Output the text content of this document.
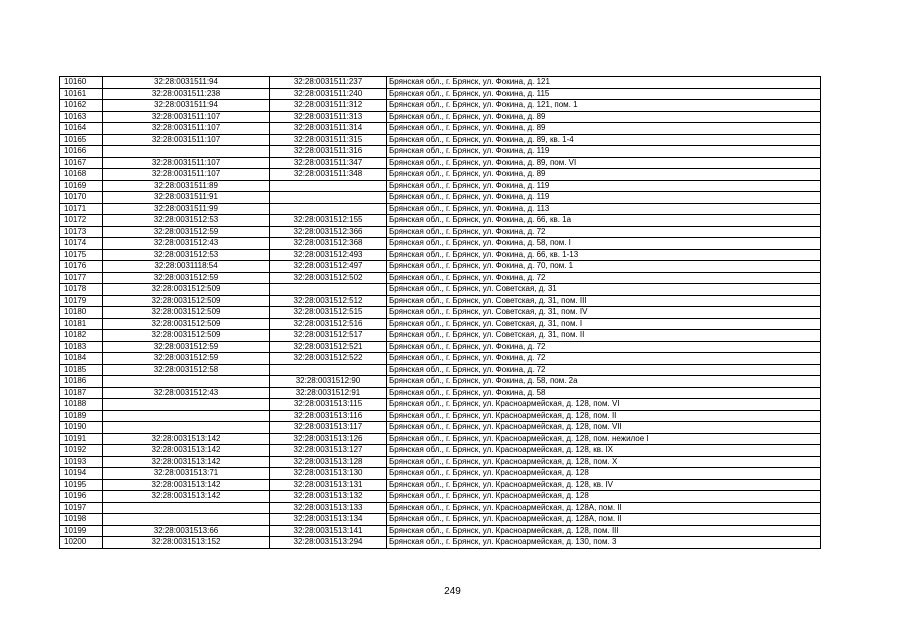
10160	32:28:0031511:94	32:28:0031511:237	Брянская обл., г. Брянск, ул. Фокина, д. 121
10161	32:28:0031511:238	32:28:0031511:240	Брянская обл., г. Брянск, ул. Фокина, д. 115
10162	32:28:0031511:94	32:28:0031511:312	Брянская обл., г. Брянск, ул. Фокина, д. 121, пом. 1
10163	32:28:0031511:107	32:28:0031511:313	Брянская обл., г. Брянск, ул. Фокина, д. 89
10164	32:28:0031511:107	32:28:0031511:314	Брянская обл., г. Брянск, ул. Фокина, д. 89
10165	32:28:0031511:107	32:28:0031511:315	Брянская обл., г. Брянск, ул. Фокина, д. 89, кв. 1-4
10166		32:28:0031511:316	Брянская обл., г. Брянск, ул. Фокина, д. 119
10167	32:28:0031511:107	32:28:0031511:347	Брянская обл., г. Брянск, ул. Фокина, д. 89, пом. VI
10168	32:28:0031511:107	32:28:0031511:348	Брянская обл., г. Брянск, ул. Фокина, д. 89
10169	32:28:0031511:89		Брянская обл., г. Брянск, ул. Фокина, д. 119
10170	32:28:0031511:91		Брянская обл., г. Брянск, ул. Фокина, д. 119
10171	32:28:0031511:99		Брянская обл., г. Брянск, ул. Фокина, д. 113
10172	32:28:0031512:53	32:28:0031512:155	Брянская обл., г. Брянск, ул. Фокина, д. 66, кв. 1а
10173	32:28:0031512:59	32:28:0031512:366	Брянская обл., г. Брянск, ул. Фокина, д. 72
10174	32:28:0031512:43	32:28:0031512:368	Брянская обл., г. Брянск, ул. Фокина, д. 58, пом. I
10175	32:28:0031512:53	32:28:0031512:493	Брянская обл., г. Брянск, ул. Фокина, д. 66, кв. 1-13
10176	32:28:0031118:54	32:28:0031512:497	Брянская обл., г. Брянск, ул. Фокина, д. 70, пом. 1
10177	32:28:0031512:59	32:28:0031512:502	Брянская обл., г. Брянск, ул. Фокина, д. 72
10178	32:28:0031512:509		Брянская обл., г. Брянск, ул. Советская, д. 31
10179	32:28:0031512:509	32:28:0031512:512	Брянская обл., г. Брянск, ул. Советская, д. 31, пом. III
10180	32:28:0031512:509	32:28:0031512:515	Брянская обл., г. Брянск, ул. Советская, д. 31, пом. IV
10181	32:28:0031512:509	32:28:0031512:516	Брянская обл., г. Брянск, ул. Советская, д. 31, пом. I
10182	32:28:0031512:509	32:28:0031512:517	Брянская обл., г. Брянск, ул. Советская, д. 31, пом. II
10183	32:28:0031512:59	32:28:0031512:521	Брянская обл., г. Брянск, ул. Фокина, д. 72
10184	32:28:0031512:59	32:28:0031512:522	Брянская обл., г. Брянск, ул. Фокина, д. 72
10185	32:28:0031512:58		Брянская обл., г. Брянск, ул. Фокина, д. 72
10186		32:28:0031512:90	Брянская обл., г. Брянск, ул. Фокина, д. 58, пом. 2а
10187	32:28:0031512:43	32:28:0031512:91	Брянская обл., г. Брянск, ул. Фокина, д. 58
10188		32:28:0031513:115	Брянская обл., г. Брянск, ул. Красноармейская, д. 128, пом. VI
10189		32:28:0031513:116	Брянская обл., г. Брянск, ул. Красноармейская, д. 128, пом. II
10190		32:28:0031513:117	Брянская обл., г. Брянск, ул. Красноармейская, д. 128, пом. VII
10191	32:28:0031513:142	32:28:0031513:126	Брянская обл., г. Брянск, ул. Красноармейская, д. 128, пом. нежилое I
10192	32:28:0031513:142	32:28:0031513:127	Брянская обл., г. Брянск, ул. Красноармейская, д. 128, кв. IX
10193	32:28:0031513:142	32:28:0031513:128	Брянская обл., г. Брянск, ул. Красноармейская, д. 128, пом. X
10194	32:28:0031513:71	32:28:0031513:130	Брянская обл., г. Брянск, ул. Красноармейская, д. 128
10195	32:28:0031513:142	32:28:0031513:131	Брянская обл., г. Брянск, ул. Красноармейская, д. 128, кв. IV
10196	32:28:0031513:142	32:28:0031513:132	Брянская обл., г. Брянск, ул. Красноармейская, д. 128
10197		32:28:0031513:133	Брянская обл., г. Брянск, ул. Красноармейская, д. 128А, пом. II
10198		32:28:0031513:134	Брянская обл., г. Брянск, ул. Красноармейская, д. 128А, пом. II
10199	32:28:0031513:66	32:28:0031513:141	Брянская обл., г. Брянск, ул. Красноармейская, д. 128, пом. III
10200	32:28:0031513:152	32:28:0031513:294	Брянская обл., г. Брянск, ул. Красноармейская, д. 130, пом. 3
249
